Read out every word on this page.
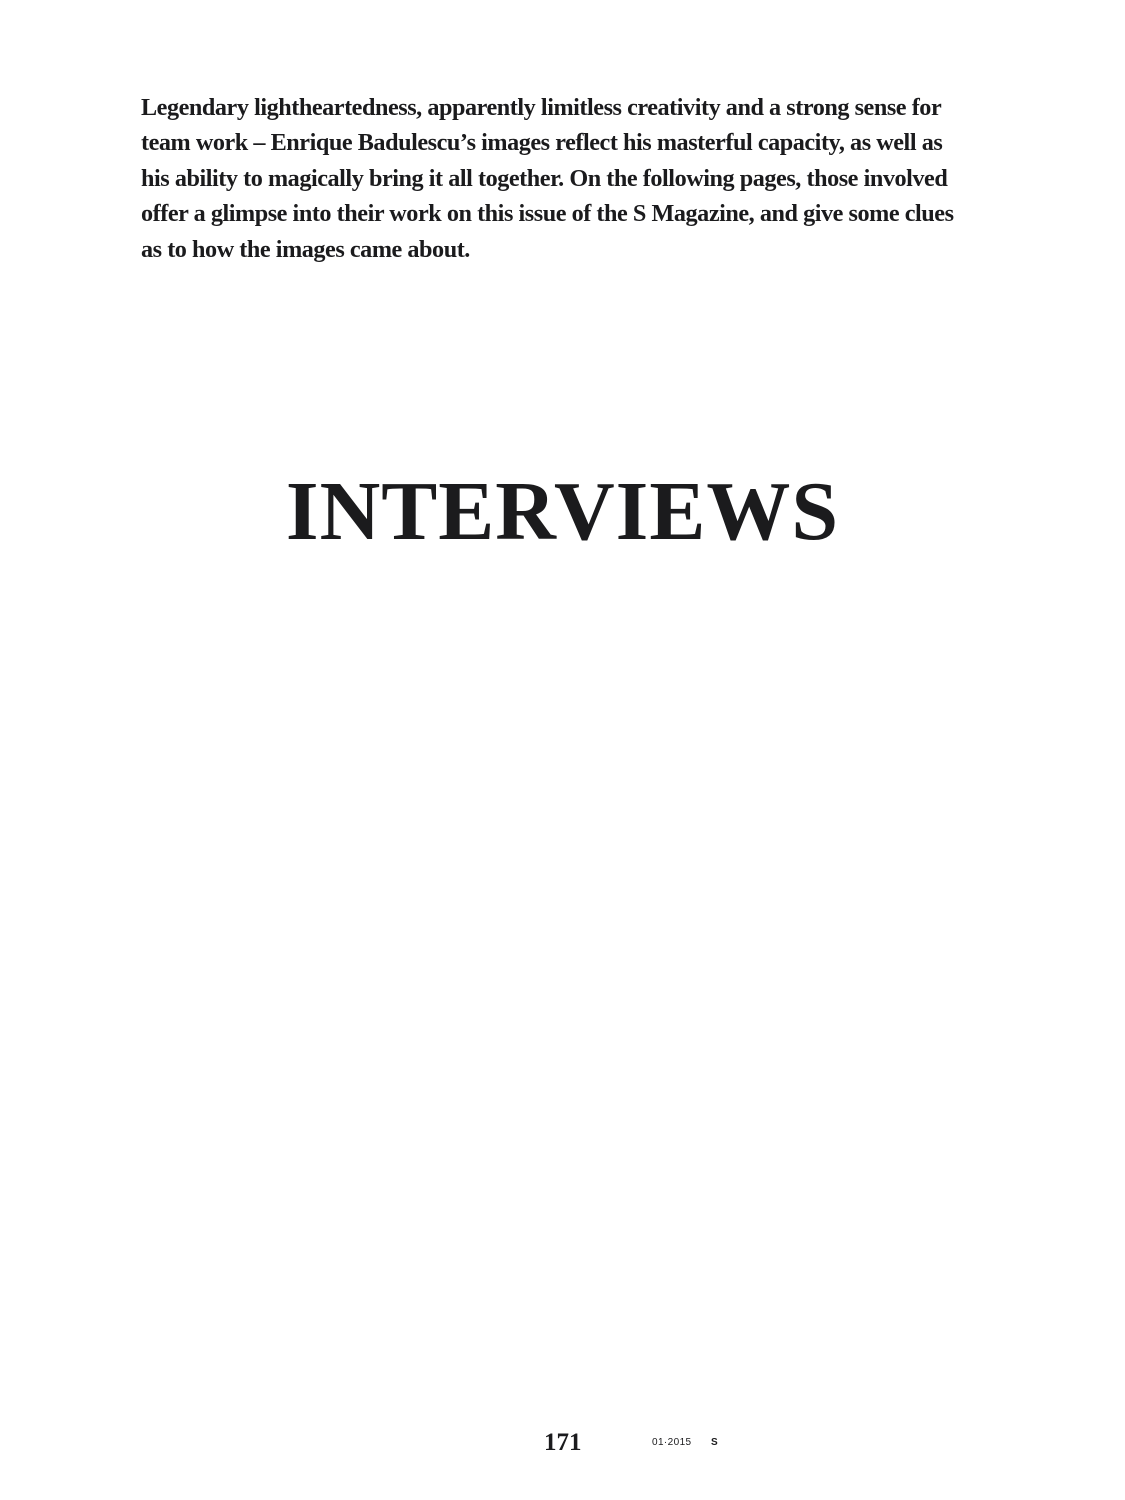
Legendary lightheartedness, apparently limitless creativity and a strong sense for
team work – Enrique Badulescu’s images reflect his masterful capacity, as well as
his ability to magically bring it all together. On the following pages, those involved
offer a glimpse into their work on this issue of the S Magazine, and give some clues
as to how the images came about.

INTERVIEWS
171	01·2015 S
